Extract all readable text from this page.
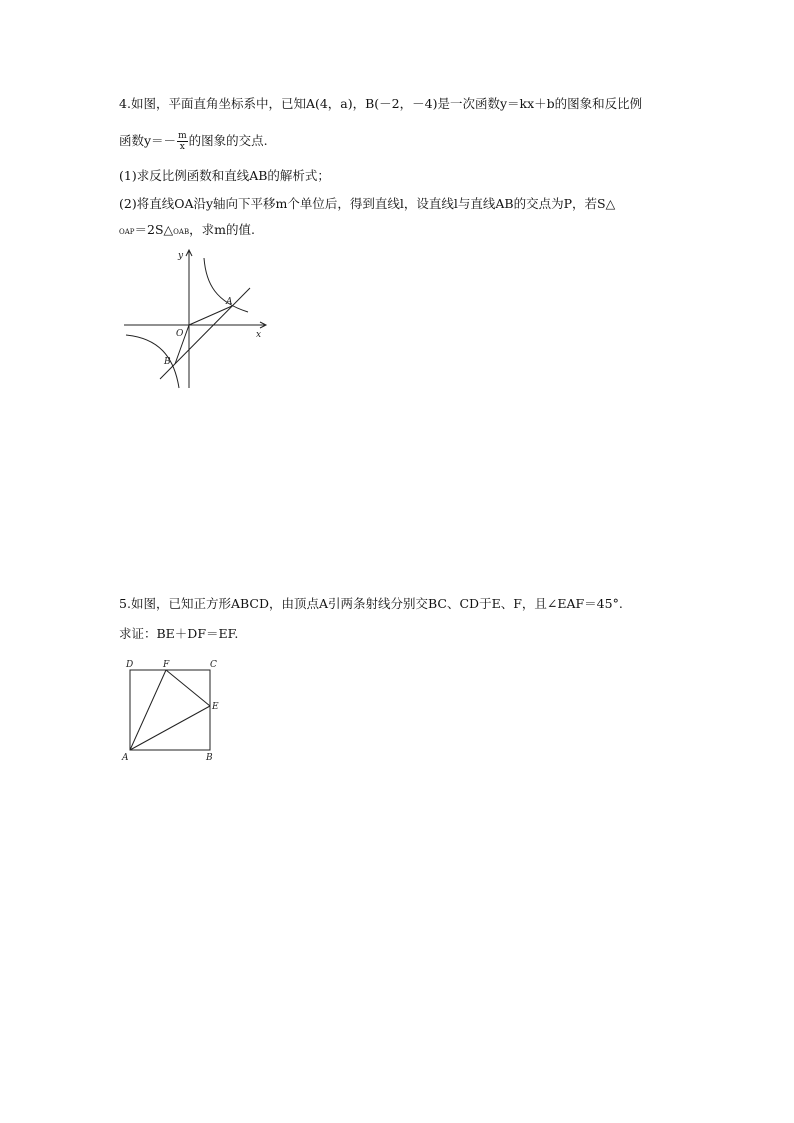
4.如图，平面直角坐标系中，已知A(4，a)，B(－2，－4)是一次函数y＝kx＋b的图象和反比例
函数$y=- \frac{m}{x}$ 的图象的交点.
(1)求反比例函数和直线AB的解析式；
(2)将直线OA沿y轴向下平移m个单位后，得到直线l，设直线l与直线AB的交点为P，若S△
OAP＝2S△OAB，求m的值.
y
x
O
A
B
5.如图，已知正方形ABCD，由顶点A引两条射线分别交BC、CD于E、F，且∠EAF＝45°.
求证：BE＋DF＝EF.
D	F	C
E
A	B
